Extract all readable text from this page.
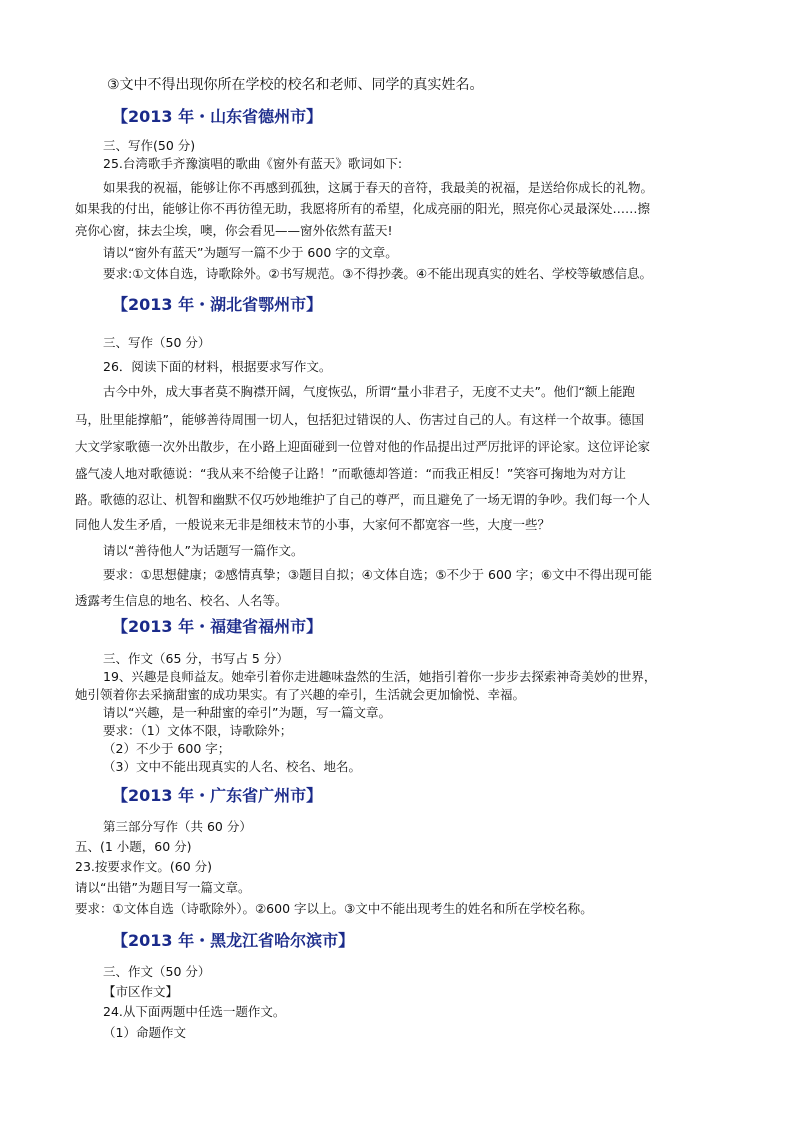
③文中不得出现你所在学校的校名和老师、同学的真实姓名。
【2013 年・山东省德州市】
三、写作(50 分)
25.台湾歌手齐豫演唱的歌曲《窗外有蓝天》歌词如下:
如果我的祝福，能够让你不再感到孤独，这属于春天的音符，我最美的祝福，是送给你成长的礼物。
如果我的付出，能够让你不再彷徨无助，我愿将所有的希望，化成亮丽的阳光，照亮你心灵最深处……擦
亮你心窗，抹去尘埃，噢，你会看见——窗外依然有蓝天!
请以“窗外有蓝天”为题写一篇不少于 600 字的文章。
要求:①文体自选，诗歌除外。②书写规范。③不得抄袭。④不能出现真实的姓名、学校等敏感信息。
【2013 年・湖北省鄂州市】
三、写作（50 分）
26．阅读下面的材料，根据要求写作文。
古今中外，成大事者莫不胸襟开阔，气度恢弘，所谓“量小非君子，无度不丈夫”。他们“额上能跑
马，肚里能撑船”，能够善待周围一切人，包括犯过错误的人、伤害过自己的人。有这样一个故事。德国
大文学家歌德一次外出散步，在小路上迎面碰到一位曾对他的作品提出过严厉批评的评论家。这位评论家
盛气凌人地对歌德说：“我从来不给傻子让路！”而歌德却答道：“而我正相反！”笑容可掬地为对方让
路。歌德的忍让、机智和幽默不仅巧妙地维护了自己的尊严，而且避免了一场无谓的争吵。我们每一个人
同他人发生矛盾，一般说来无非是细枝末节的小事，大家何不都宽容一些，大度一些？
请以“善待他人”为话题写一篇作文。
要求：①思想健康；②感情真挚；③题目自拟；④文体自选；⑤不少于 600 字；⑥文中不得出现可能
透露考生信息的地名、校名、人名等。
【2013 年・福建省福州市】
三、作文（65 分，书写占 5 分）
19、兴趣是良师益友。她牵引着你走进趣味盎然的生活，她指引着你一步步去探索神奇美妙的世界，
她引领着你去采摘甜蜜的成功果实。有了兴趣的牵引，生活就会更加愉悦、幸福。
请以“兴趣，是一种甜蜜的牵引”为题，写一篇文章。
要求：（1）文体不限，诗歌除外；
（2）不少于 600 字；
（3）文中不能出现真实的人名、校名、地名。
【2013 年・广东省广州市】
第三部分写作（共 60 分）
五、(1 小题，60 分)
23.按要求作文。(60 分)
请以“出错”为题目写一篇文章。
要求：①文体自选（诗歌除外）。②600 字以上。③文中不能出现考生的姓名和所在学校名称。
【2013 年・黑龙江省哈尔滨市】
三、作文（50 分）
【市区作文】
24.从下面两题中任选一题作文。
（1）命题作文
